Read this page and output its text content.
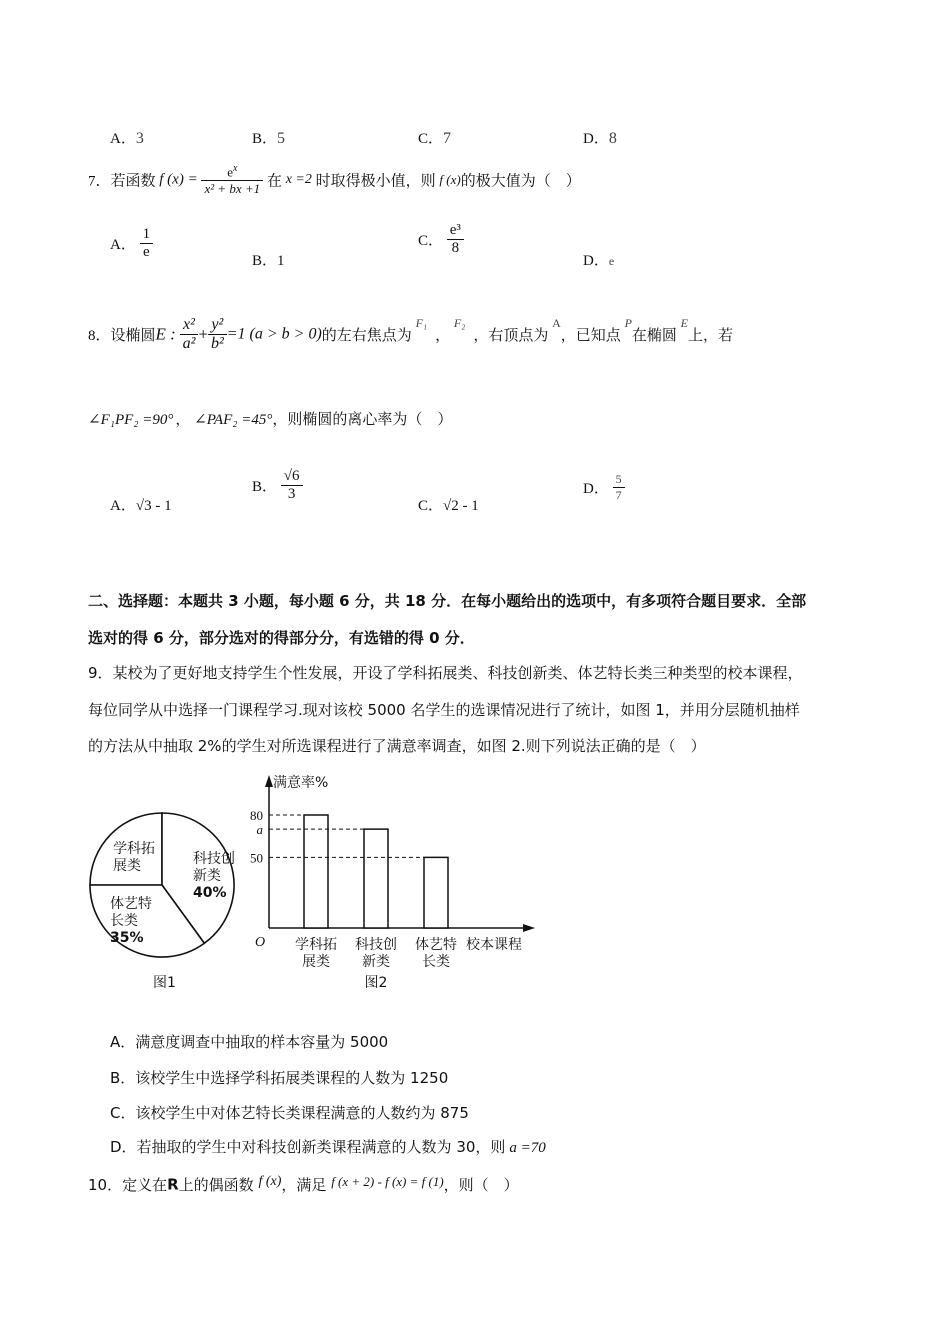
A．3	B．5	C．7	D．8
7．若函数 f $(x) = \frac{e^x}{\text{x² + bx +1}}$ 在 x =2 时取得极小值，则 f (x)的极大值为（　）
A． $\frac{1}{e}$	B．1
C． $\frac{\text{e³}}{8}$
D．e
8．设椭圆E : $\frac{\text{x²}}{\text{a²}} + \frac{\text{y²}}{\text{b²}} =1$ (a > b > 0)的左右焦点为 $^{F_1}$， $^{F_2}$，右顶点为 $^A$，已知点 $^P$在椭圆 $^E$上，若
∠F₁PF₂ =90° ， ∠PAF₂ =45°，则椭圆的离心率为（　）
A．√3 - 1
B． $\frac{√6}{3}$
C．√2 - 1
D． $\frac{5}{7}$
二、选择题：本题共 3 小题，每小题 6 分，共 18 分．在每小题给出的选项中，有多项符合题目要求．全部
选对的得 6 分，部分选对的得部分分，有选错的得 0 分．
9．某校为了更好地支持学生个性发展，开设了学科拓展类、科技创新类、体艺特长类三种类型的校本课程，
每位同学从中选择一门课程学习.现对该校 5000 名学生的选课情况进行了统计，如图 1，并用分层随机抽样
的方法从中抽取 2%的学生对所选课程进行了满意率调查，如图 2.则下列说法正确的是（　）
学科拓
展类	科技创
新类
40%
体艺特
长类
35%
图1
满意率%
O	校本课程
学科拓
展类
科技创
新类
体艺特
长类
80
a
50
图2
A．满意度调查中抽取的样本容量为 5000
B．该校学生中选择学科拓展类课程的人数为 1250
C．该校学生中对体艺特长类课程满意的人数约为 875
D．若抽取的学生中对科技创新类课程满意的人数为 30，则 a =70
10．定义在R上的偶函数 f (x)，满足 f (x + 2) - f (x) = f (1)，则（　）
